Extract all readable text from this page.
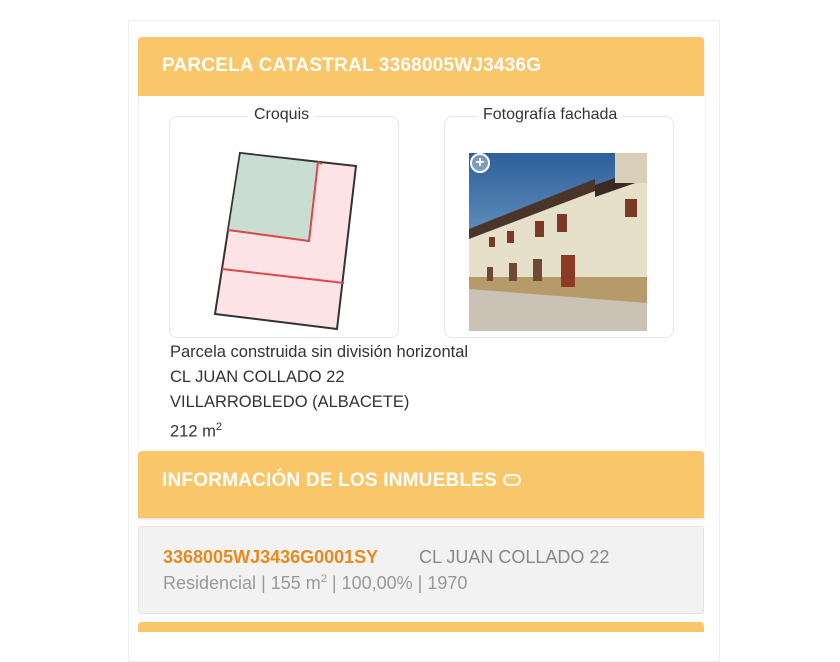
PARCELA CATASTRAL 3368005WJ3436G
Croquis	Fotografía fachada
+
Parcela construida sin división horizontal
CL JUAN COLLADO 22
VILLARROBLEDO (ALBACETE)
212 $m^2$
INFORMACIÓN DE LOS INMUEBLES ···
3368005WJ3436G0001SY CL JUAN COLLADO 22
Residencial | 155 $m^2$ | 100,00% | 1970
